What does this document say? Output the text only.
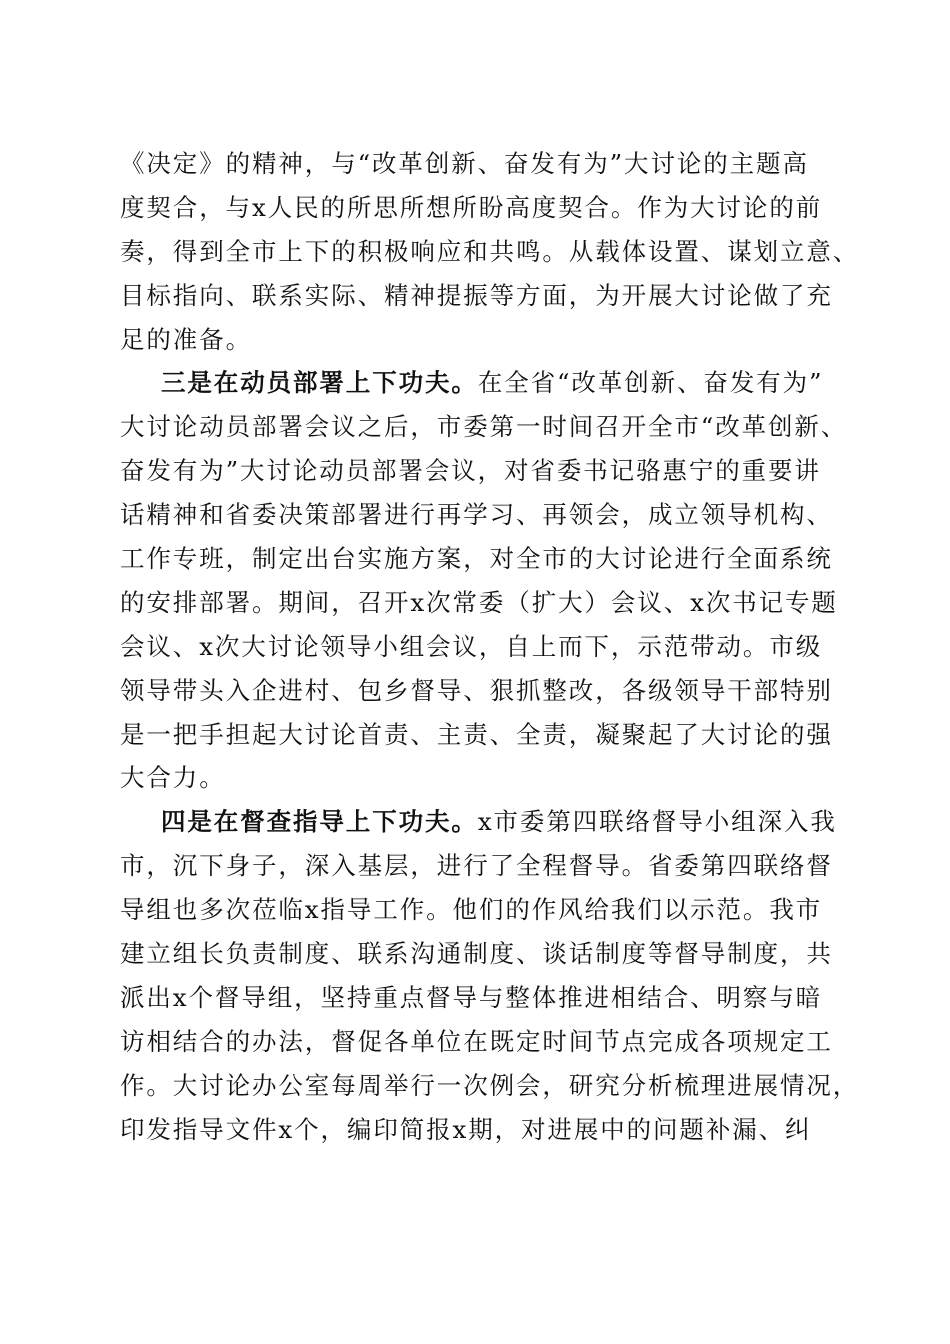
《决定》的精神，与“改革创新、奋发有为”大讨论的主题高
度契合，与x人民的所思所想所盼高度契合。作为大讨论的前
奏，得到全市上下的积极响应和共鸣。从载体设置、谋划立意、
目标指向、联系实际、精神提振等方面，为开展大讨论做了充
足的准备。
三是在动员部署上下功夫。在全省“改革创新、奋发有为”
大讨论动员部署会议之后，市委第一时间召开全市“改革创新、
奋发有为”大讨论动员部署会议，对省委书记骆惠宁的重要讲
话精神和省委决策部署进行再学习、再领会，成立领导机构、
工作专班，制定出台实施方案，对全市的大讨论进行全面系统
的安排部署。期间，召开x次常委（扩大）会议、x次书记专题
会议、x次大讨论领导小组会议，自上而下，示范带动。市级
领导带头入企进村、包乡督导、狠抓整改，各级领导干部特别
是一把手担起大讨论首责、主责、全责，凝聚起了大讨论的强
大合力。
四是在督查指导上下功夫。x市委第四联络督导小组深入我
市，沉下身子，深入基层，进行了全程督导。省委第四联络督
导组也多次莅临x指导工作。他们的作风给我们以示范。我市
建立组长负责制度、联系沟通制度、谈话制度等督导制度，共
派出x个督导组，坚持重点督导与整体推进相结合、明察与暗
访相结合的办法，督促各单位在既定时间节点完成各项规定工
作。大讨论办公室每周举行一次例会，研究分析梳理进展情况，
印发指导文件x个，编印简报x期，对进展中的问题补漏、纠
